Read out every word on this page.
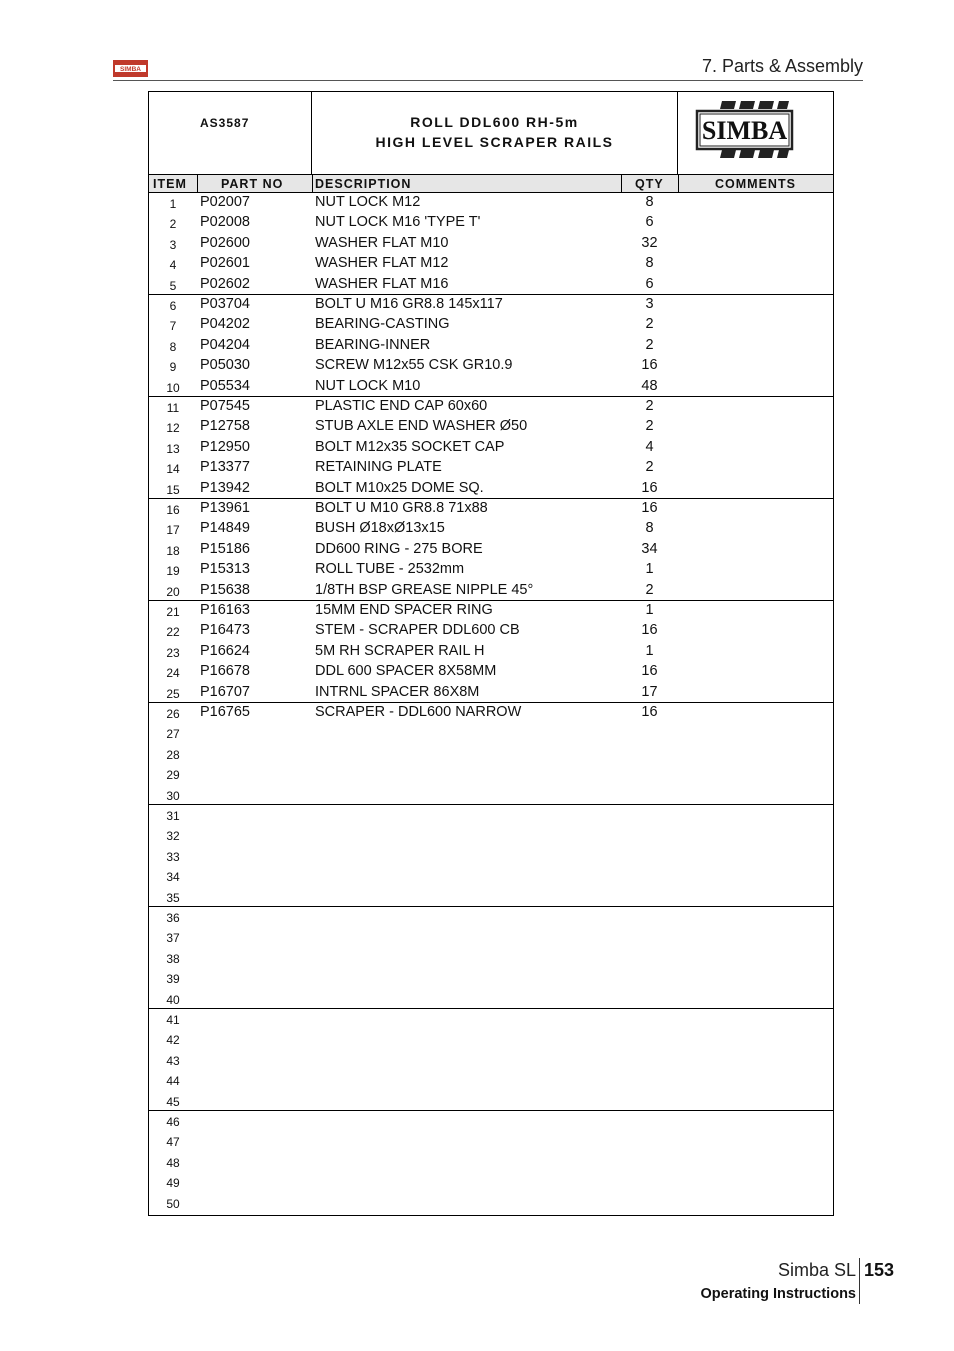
SIMBA	7. Parts & Assembly
AS3587	ROLL DDL600 RH-5m
HIGH LEVEL SCRAPER RAILS	SIMBA
ITEM	PART NO	DESCRIPTION	QTY	COMMENTS
1	P02007	NUT LOCK M12	8
2	P02008	NUT LOCK M16 'TYPE T'	6
3	P02600	WASHER FLAT M10	32
4	P02601	WASHER FLAT M12	8
5	P02602	WASHER FLAT M16	6
6	P03704	BOLT U M16 GR8.8 145x117	3
7	P04202	BEARING-CASTING	2
8	P04204	BEARING-INNER	2
9	P05030	SCREW M12x55 CSK GR10.9	16
10	P05534	NUT LOCK M10	48
11	P07545	PLASTIC END CAP 60x60	2
12	P12758	STUB AXLE END WASHER Ø50	2
13	P12950	BOLT M12x35 SOCKET CAP	4
14	P13377	RETAINING PLATE	2
15	P13942	BOLT M10x25 DOME SQ.	16
16	P13961	BOLT U M10 GR8.8 71x88	16
17	P14849	BUSH Ø18xØ13x15	8
18	P15186	DD600 RING - 275 BORE	34
19	P15313	ROLL TUBE - 2532mm	1
20	P15638	1/8TH BSP GREASE NIPPLE 45°	2
21	P16163	15MM END SPACER RING	1
22	P16473	STEM - SCRAPER DDL600 CB	16
23	P16624	5M RH SCRAPER RAIL H	1
24	P16678	DDL 600 SPACER 8X58MM	16
25	P16707	INTRNL SPACER 86X8M	17
26	P16765	SCRAPER - DDL600 NARROW	16
27
28
29
30
31
32
33
34
35
36
37
38
39
40
41
42
43
44
45
46
47
48
49
50
Simba SL 153
Operating Instructions
